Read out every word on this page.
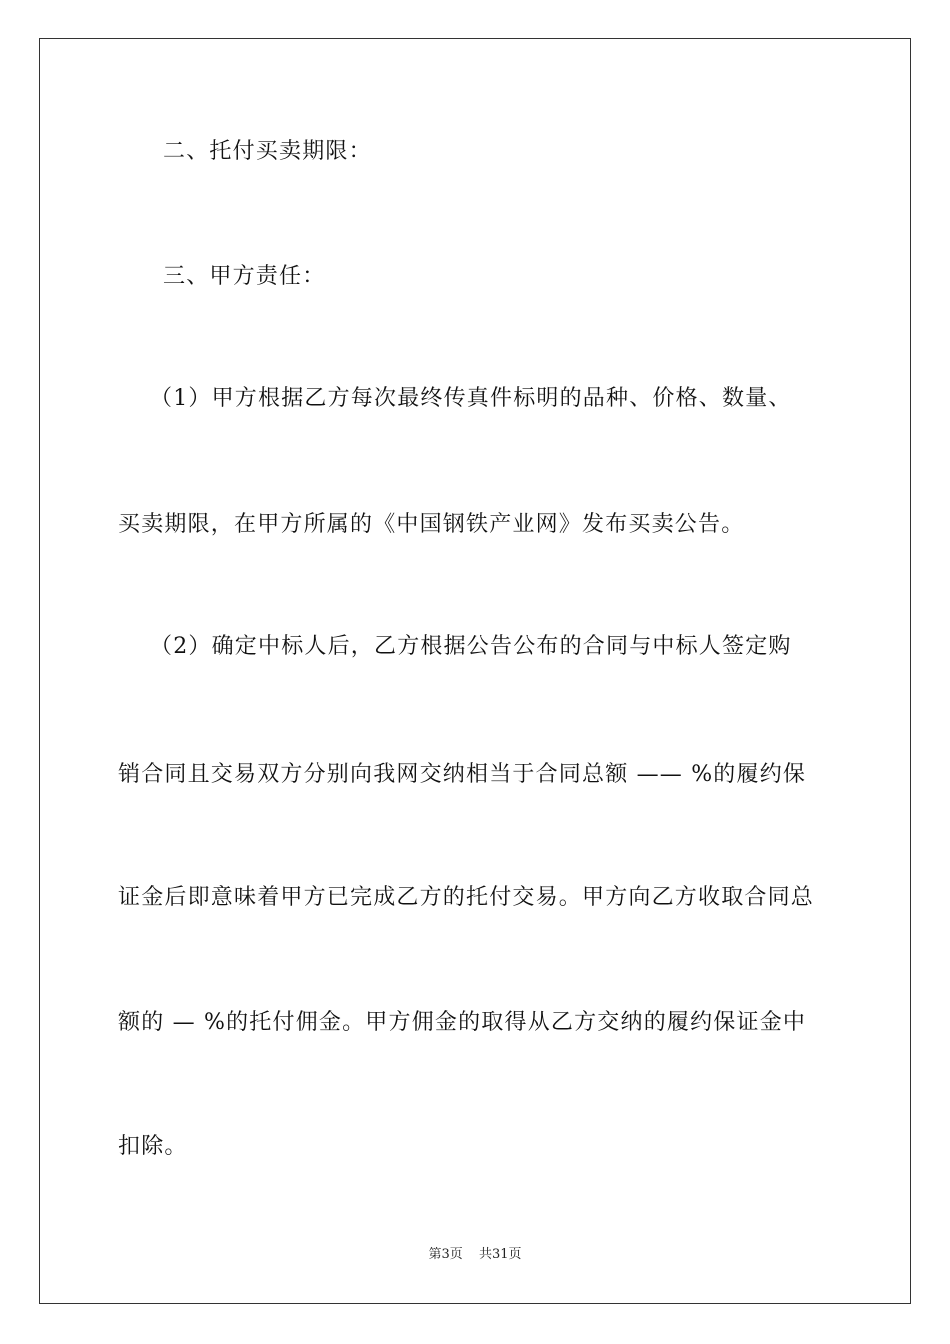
二、托付买卖期限：
三、甲方责任：
（1）甲方根据乙方每次最终传真件标明的品种、价格、数量、
买卖期限，在甲方所属的《中国钢铁产业网》发布买卖公告。
（2）确定中标人后，乙方根据公告公布的合同与中标人签定购
销合同且交易双方分别向我网交纳相当于合同总额 —— %的履约保
证金后即意味着甲方已完成乙方的托付交易。甲方向乙方收取合同总
额的 — %的托付佣金。甲方佣金的取得从乙方交纳的履约保证金中
扣除。
第3页 共31页
